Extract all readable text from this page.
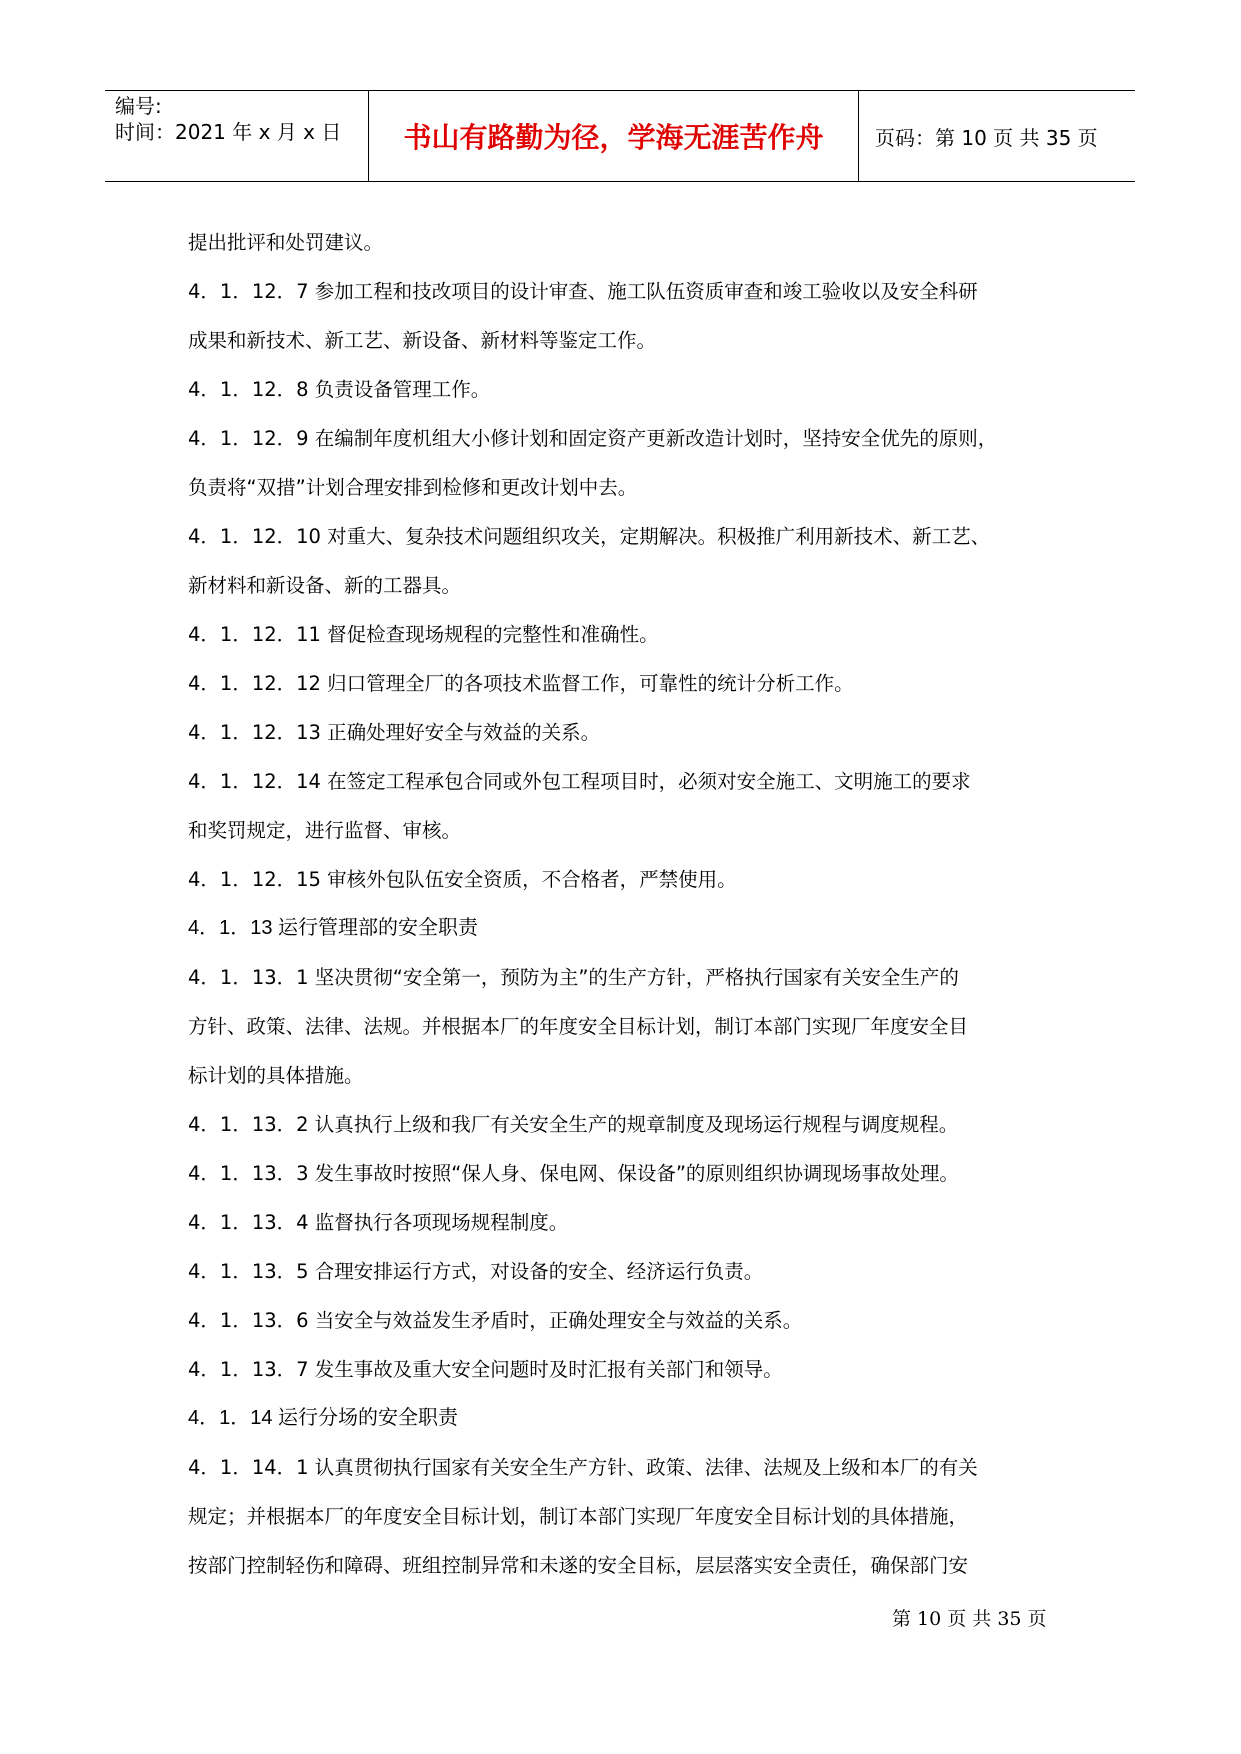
编号:
时间：2021 年 x 月 x 日	书山有路勤为径，学海无涯苦作舟	页码：第 10 页 共 35 页
提出批评和处罚建议。
4．1．12．7 参加工程和技改项目的设计审查、施工队伍资质审查和竣工验收以及安全科研
成果和新技术、新工艺、新设备、新材料等鉴定工作。
4．1．12．8 负责设备管理工作。
4．1．12．9 在编制年度机组大小修计划和固定资产更新改造计划时，坚持安全优先的原则，
负责将“双措”计划合理安排到检修和更改计划中去。
4．1．12．10 对重大、复杂技术问题组织攻关，定期解决。积极推广利用新技术、新工艺、
新材料和新设备、新的工器具。
4．1．12．11 督促检查现场规程的完整性和准确性。
4．1．12．12 归口管理全厂的各项技术监督工作，可靠性的统计分析工作。
4．1．12．13 正确处理好安全与效益的关系。
4．1．12．14 在签定工程承包合同或外包工程项目时，必须对安全施工、文明施工的要求
和奖罚规定，进行监督、审核。
4．1．12．15 审核外包队伍安全资质，不合格者，严禁使用。
4．1．13 运行管理部的安全职责
4．1．13．1 坚决贯彻“安全第一，预防为主”的生产方针，严格执行国家有关安全生产的
方针、政策、法律、法规。并根据本厂的年度安全目标计划，制订本部门实现厂年度安全目
标计划的具体措施。
4．1．13．2 认真执行上级和我厂有关安全生产的规章制度及现场运行规程与调度规程。
4．1．13．3 发生事故时按照“保人身、保电网、保设备”的原则组织协调现场事故处理。
4．1．13．4 监督执行各项现场规程制度。
4．1．13．5 合理安排运行方式，对设备的安全、经济运行负责。
4．1．13．6 当安全与效益发生矛盾时，正确处理安全与效益的关系。
4．1．13．7 发生事故及重大安全问题时及时汇报有关部门和领导。
4．1．14 运行分场的安全职责
4．1．14．1 认真贯彻执行国家有关安全生产方针、政策、法律、法规及上级和本厂的有关
规定；并根据本厂的年度安全目标计划，制订本部门实现厂年度安全目标计划的具体措施，
按部门控制轻伤和障碍、班组控制异常和未遂的安全目标，层层落实安全责任，确保部门安
第 10 页 共 35 页
